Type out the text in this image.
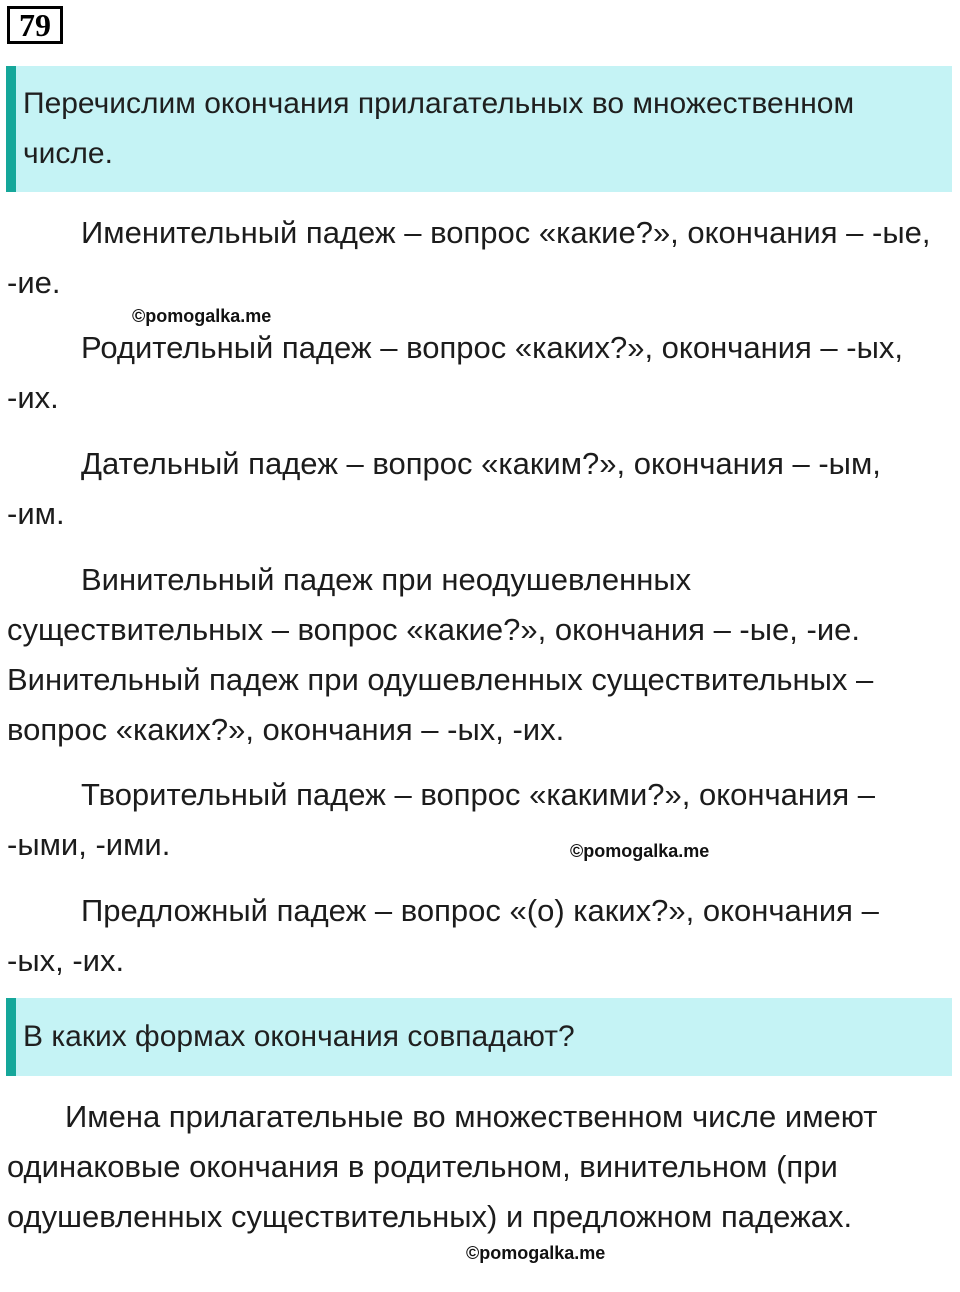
79
Перечислим окончания прилагательных во множественном числе.

Именительный падеж – вопрос «какие?», окончания – -ые, -ие.

©pomogalka.me

Родительный падеж – вопрос «каких?», окончания – -ых, -их.

Дательный падеж – вопрос «каким?», окончания – -ым, -им.

Винительный падеж при неодушевленных существительных – вопрос «какие?», окончания – -ые, -ие. Винительный падеж при одушевленных существительных – вопрос «каких?», окончания – -ых, -их.

Творительный падеж – вопрос «какими?», окончания – -ыми, -ими.	©pomogalka.me

Предложный падеж – вопрос «(о) каких?», окончания – -ых, -их.

В каких формах окончания совпадают?

Имена прилагательные во множественном числе имеют одинаковые окончания в родительном, винительном (при одушевленных существительных) и предложном падежах.

©pomogalka.me
